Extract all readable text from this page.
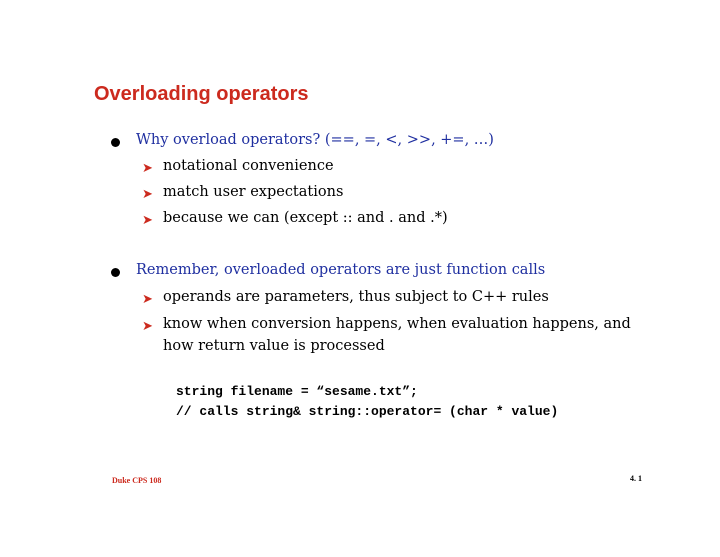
Overloading operators
Why overload operators? (==, =, <, >>, +=, …)
➤ notational convenience
➤ match user expectations
➤ because we can (except :: and . and .*)
Remember, overloaded operators are just function calls
➤ operands are parameters, thus subject to C++ rules
➤ know when conversion happens, when evaluation happens, and
how return value is processed
string filename = “sesame.txt”;
// calls string& string::operator= (char * value)
Duke CPS 108	4. 1
